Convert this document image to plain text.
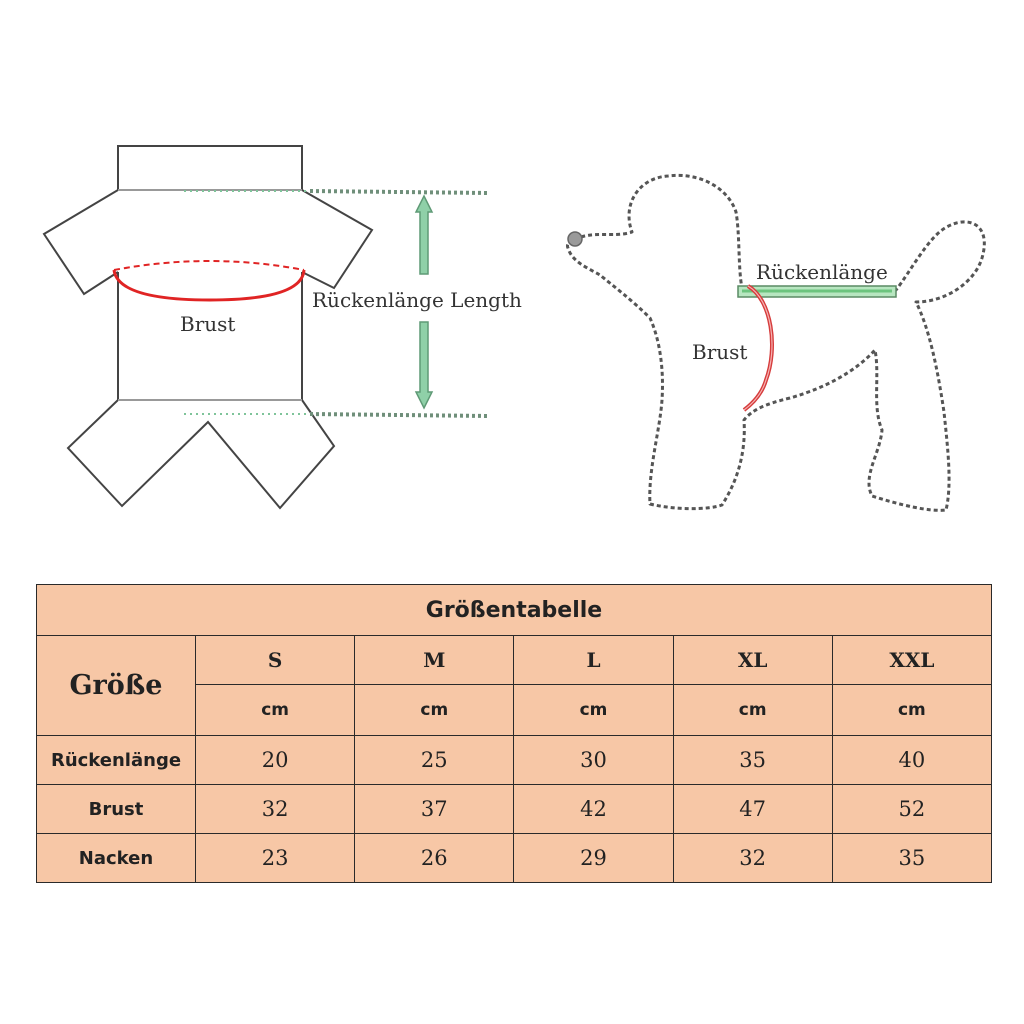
Brust
Rückenlänge Length
Rückenlänge
Brust
Größentabelle					
Größe	S	M	L	XL	XXL
	cm	cm	cm	cm	cm
Rückenlänge	20	25	30	35	40
Brust	32	37	42	47	52
Nacken	23	26	29	32	35
